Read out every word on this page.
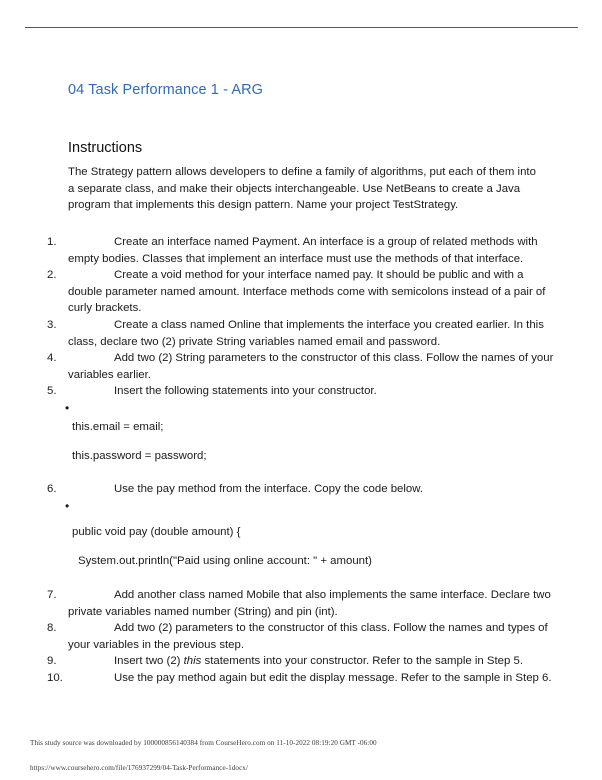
04 Task Performance 1 - ARG
Instructions
The Strategy pattern allows developers to define a family of algorithms, put each of them into a separate class, and make their objects interchangeable. Use NetBeans to create a Java program that implements this design pattern. Name your project TestStrategy.
1.	Create an interface named Payment. An interface is a group of related methods with empty bodies. Classes that implement an interface must use the methods of that interface.
2.	Create a void method for your interface named pay. It should be public and with a double parameter named amount. Interface methods come with semicolons instead of a pair of curly brackets.
3.	Create a class named Online that implements the interface you created earlier. In this class, declare two (2) private String variables named email and password.
4.	Add two (2) String parameters to the constructor of this class. Follow the names of your variables earlier.
5.	Insert the following statements into your constructor.
•
this.email = email;
this.password = password;
6.	Use the pay method from the interface. Copy the code below.
•
public void pay (double amount) {
System.out.println("Paid using online account: " + amount)
7.	Add another class named Mobile that also implements the same interface. Declare two private variables named number (String) and pin (int).
8.	Add two (2) parameters to the constructor of this class. Follow the names and types of your variables in the previous step.
9.	Insert two (2) this statements into your constructor. Refer to the sample in Step 5.
10.	Use the pay method again but edit the display message. Refer to the sample in Step 6.
This study source was downloaded by 100000856140384 from CourseHero.com on 11-10-2022 08:19:20 GMT -06:00
https://www.coursehero.com/file/176937299/04-Task-Performance-1docx/
